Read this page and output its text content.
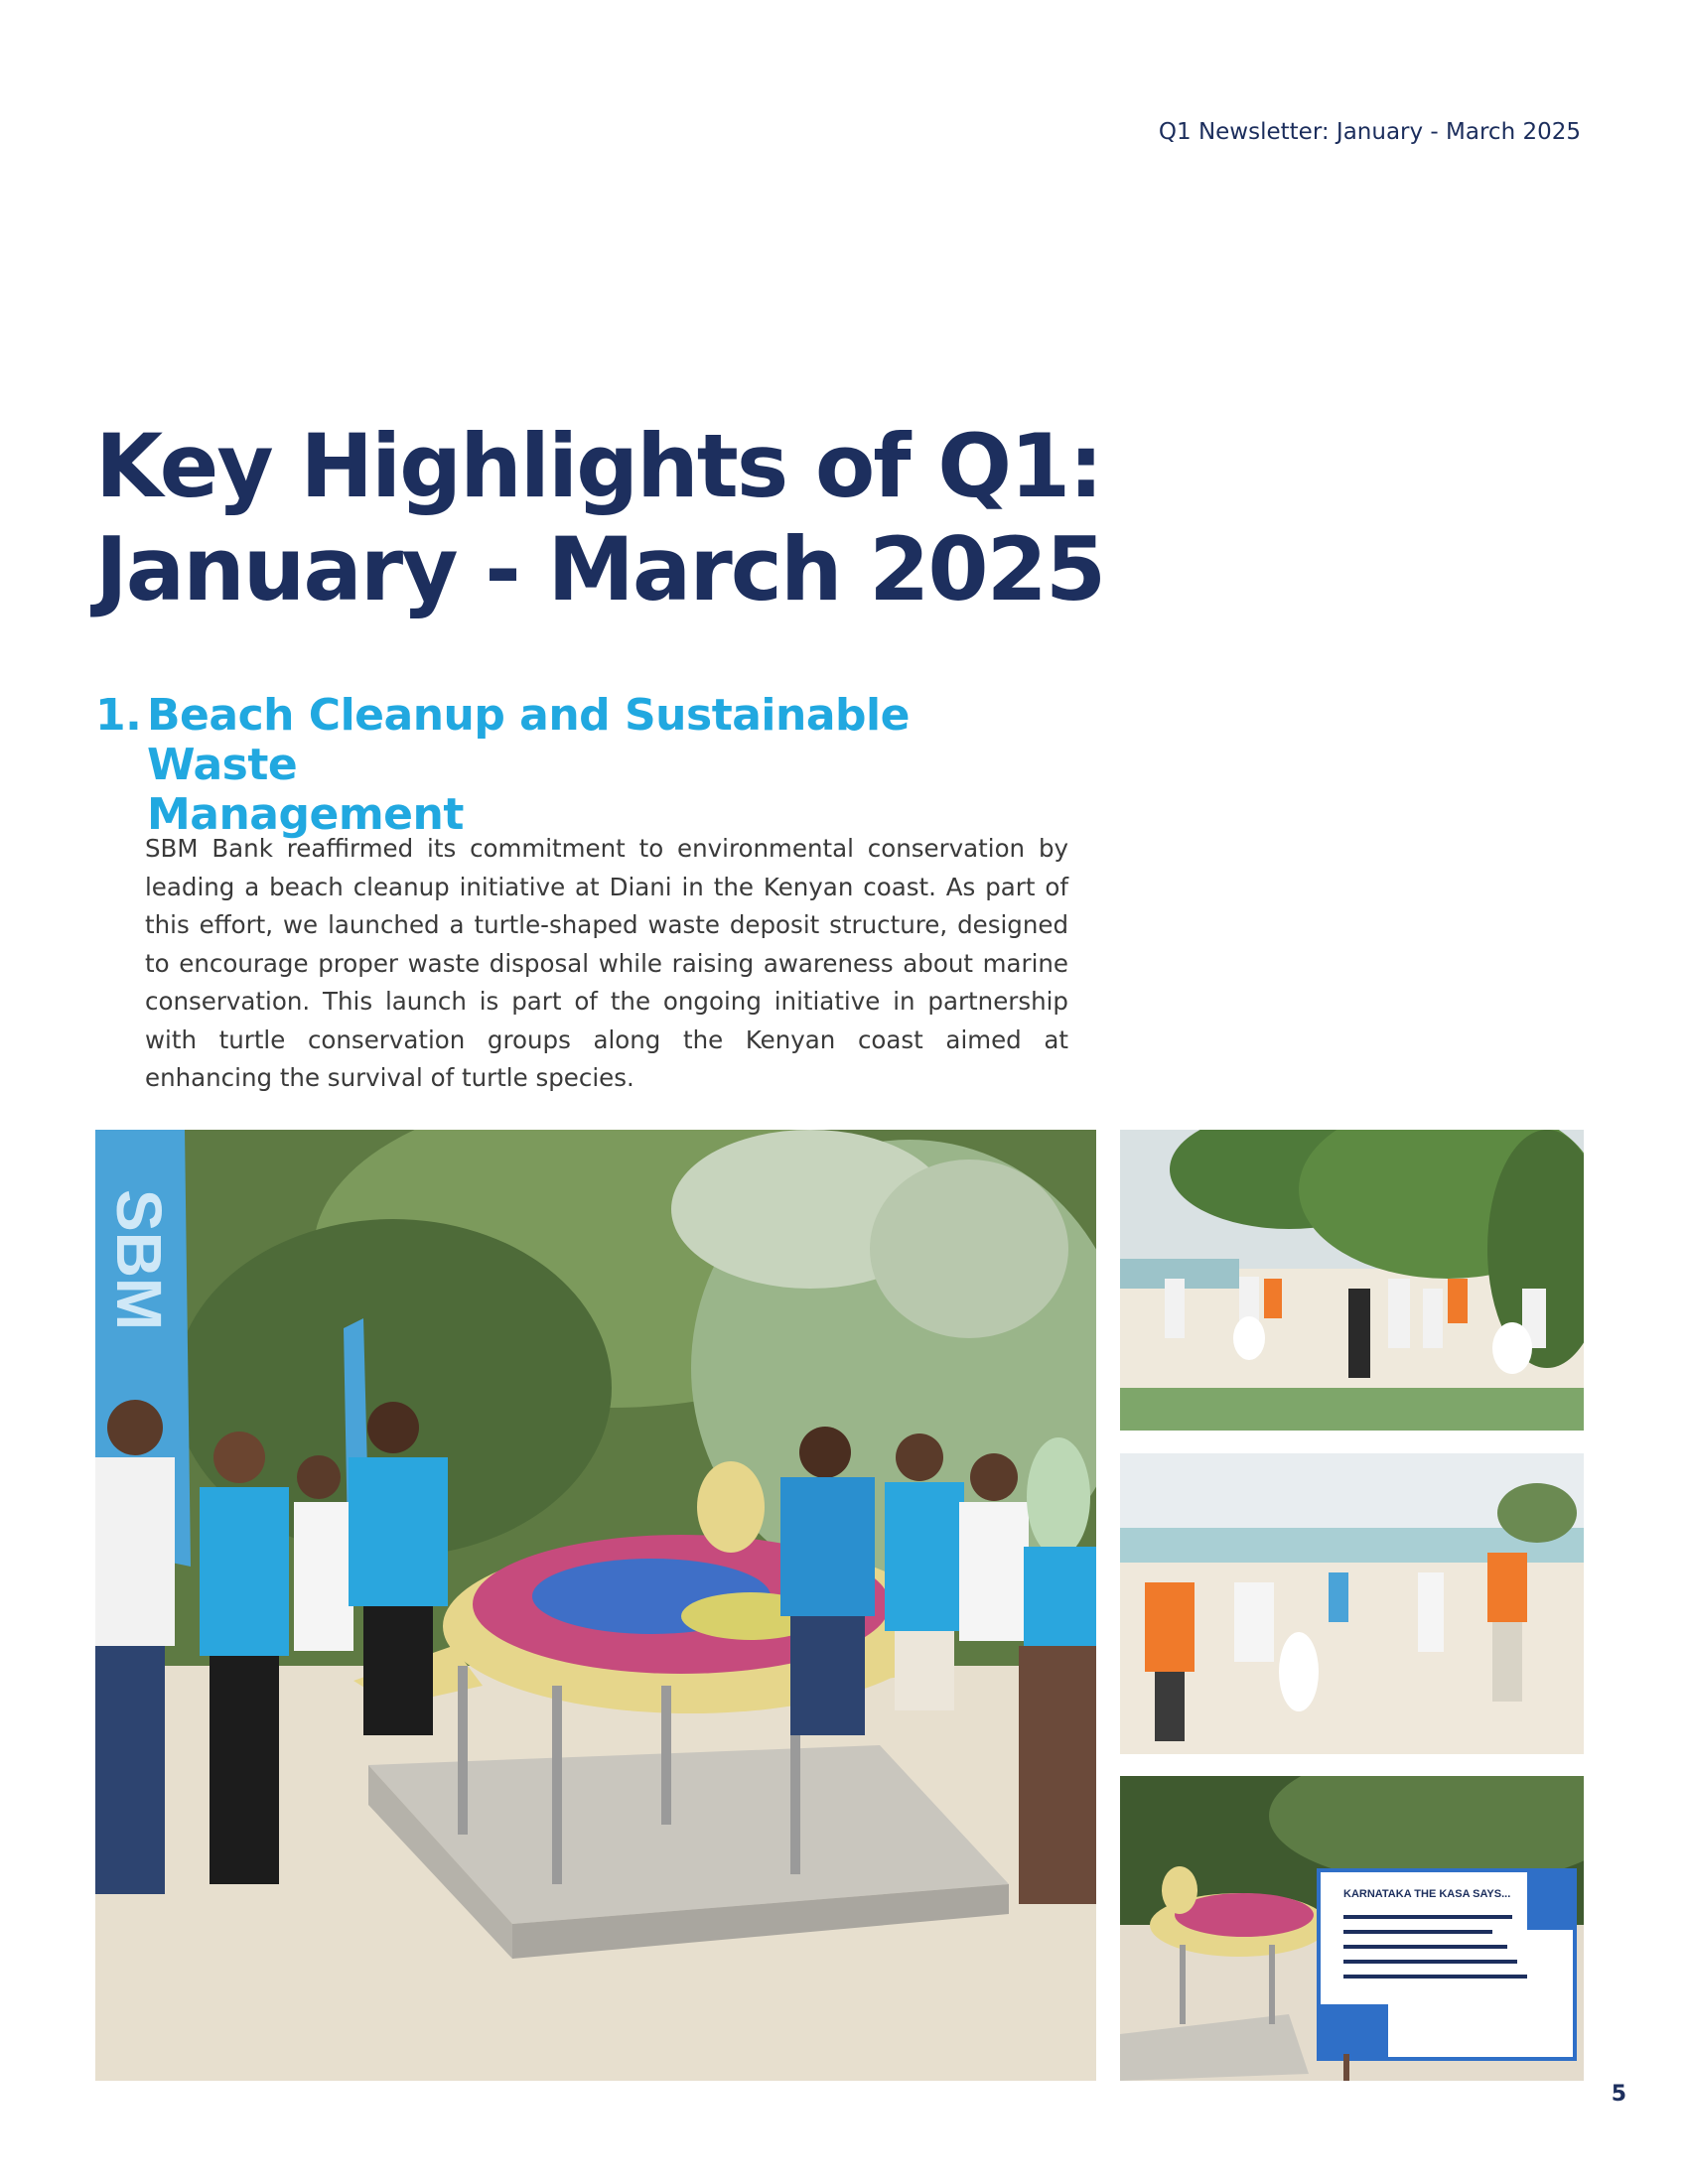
Q1 Newsletter: January - March 2025
Key Highlights of Q1:
January - March 2025
1. Beach Cleanup and Sustainable Waste
Management

SBM Bank reaffirmed its commitment to environmental conservation by leading a beach cleanup initiative at Diani in the Kenyan coast. As part of this effort, we launched a turtle-shaped waste deposit structure, designed to encourage proper waste disposal while raising awareness about marine conservation. This launch is part of the ongoing initiative in partnership with turtle conservation groups along the Kenyan coast aimed at enhancing the survival of turtle species.

SBM
KARNATAKA THE KASA SAYS...
5
